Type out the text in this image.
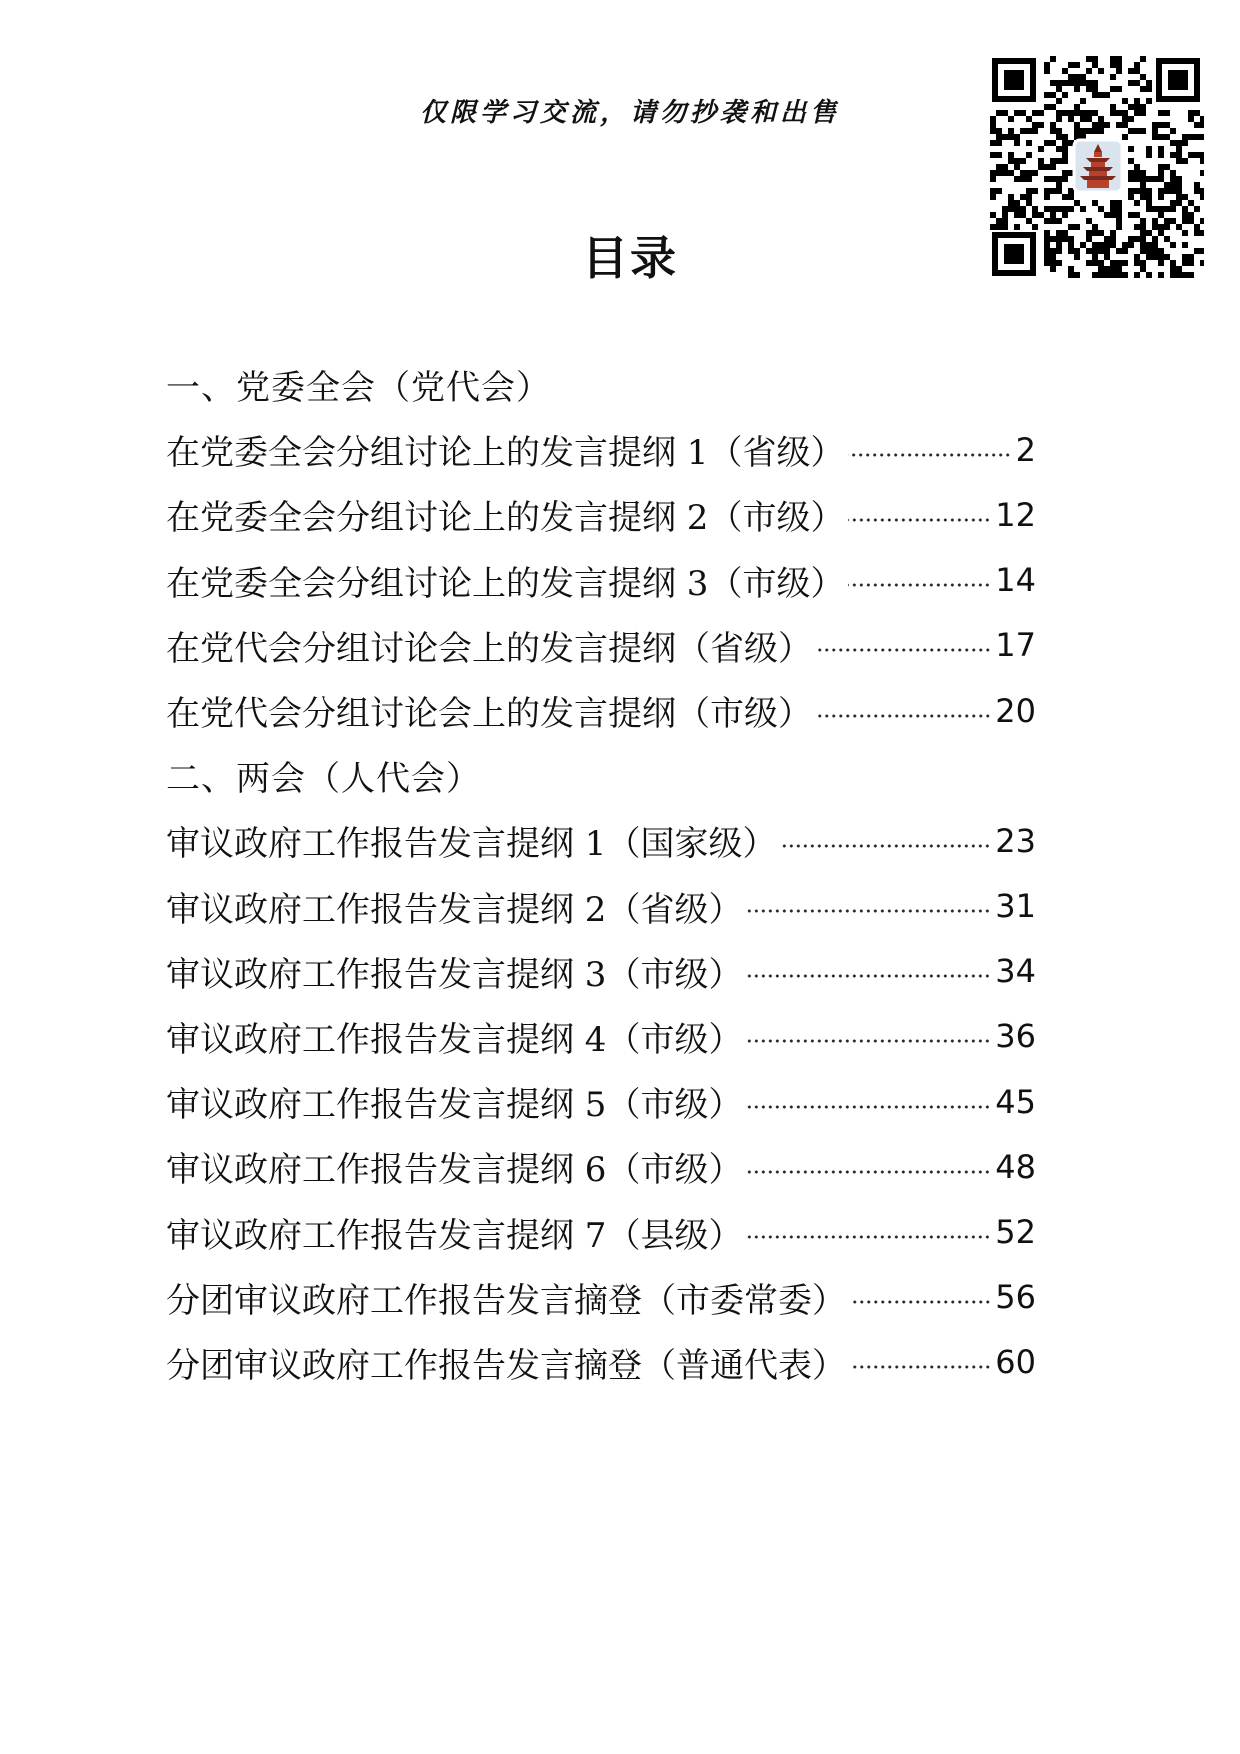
仅限学习交流，请勿抄袭和出售
目录
一、党委全会（党代会）
在党委全会分组讨论上的发言提纲 1（省级）	2
在党委全会分组讨论上的发言提纲 2（市级）	12
在党委全会分组讨论上的发言提纲 3（市级）	14
在党代会分组讨论会上的发言提纲（省级）	17
在党代会分组讨论会上的发言提纲（市级）	20
二、两会（人代会）
审议政府工作报告发言提纲 1（国家级）	23
审议政府工作报告发言提纲 2（省级）	31
审议政府工作报告发言提纲 3（市级）	34
审议政府工作报告发言提纲 4（市级）	36
审议政府工作报告发言提纲 5（市级）	45
审议政府工作报告发言提纲 6（市级）	48
审议政府工作报告发言提纲 7（县级）	52
分团审议政府工作报告发言摘登（市委常委）	56
分团审议政府工作报告发言摘登（普通代表）	60
